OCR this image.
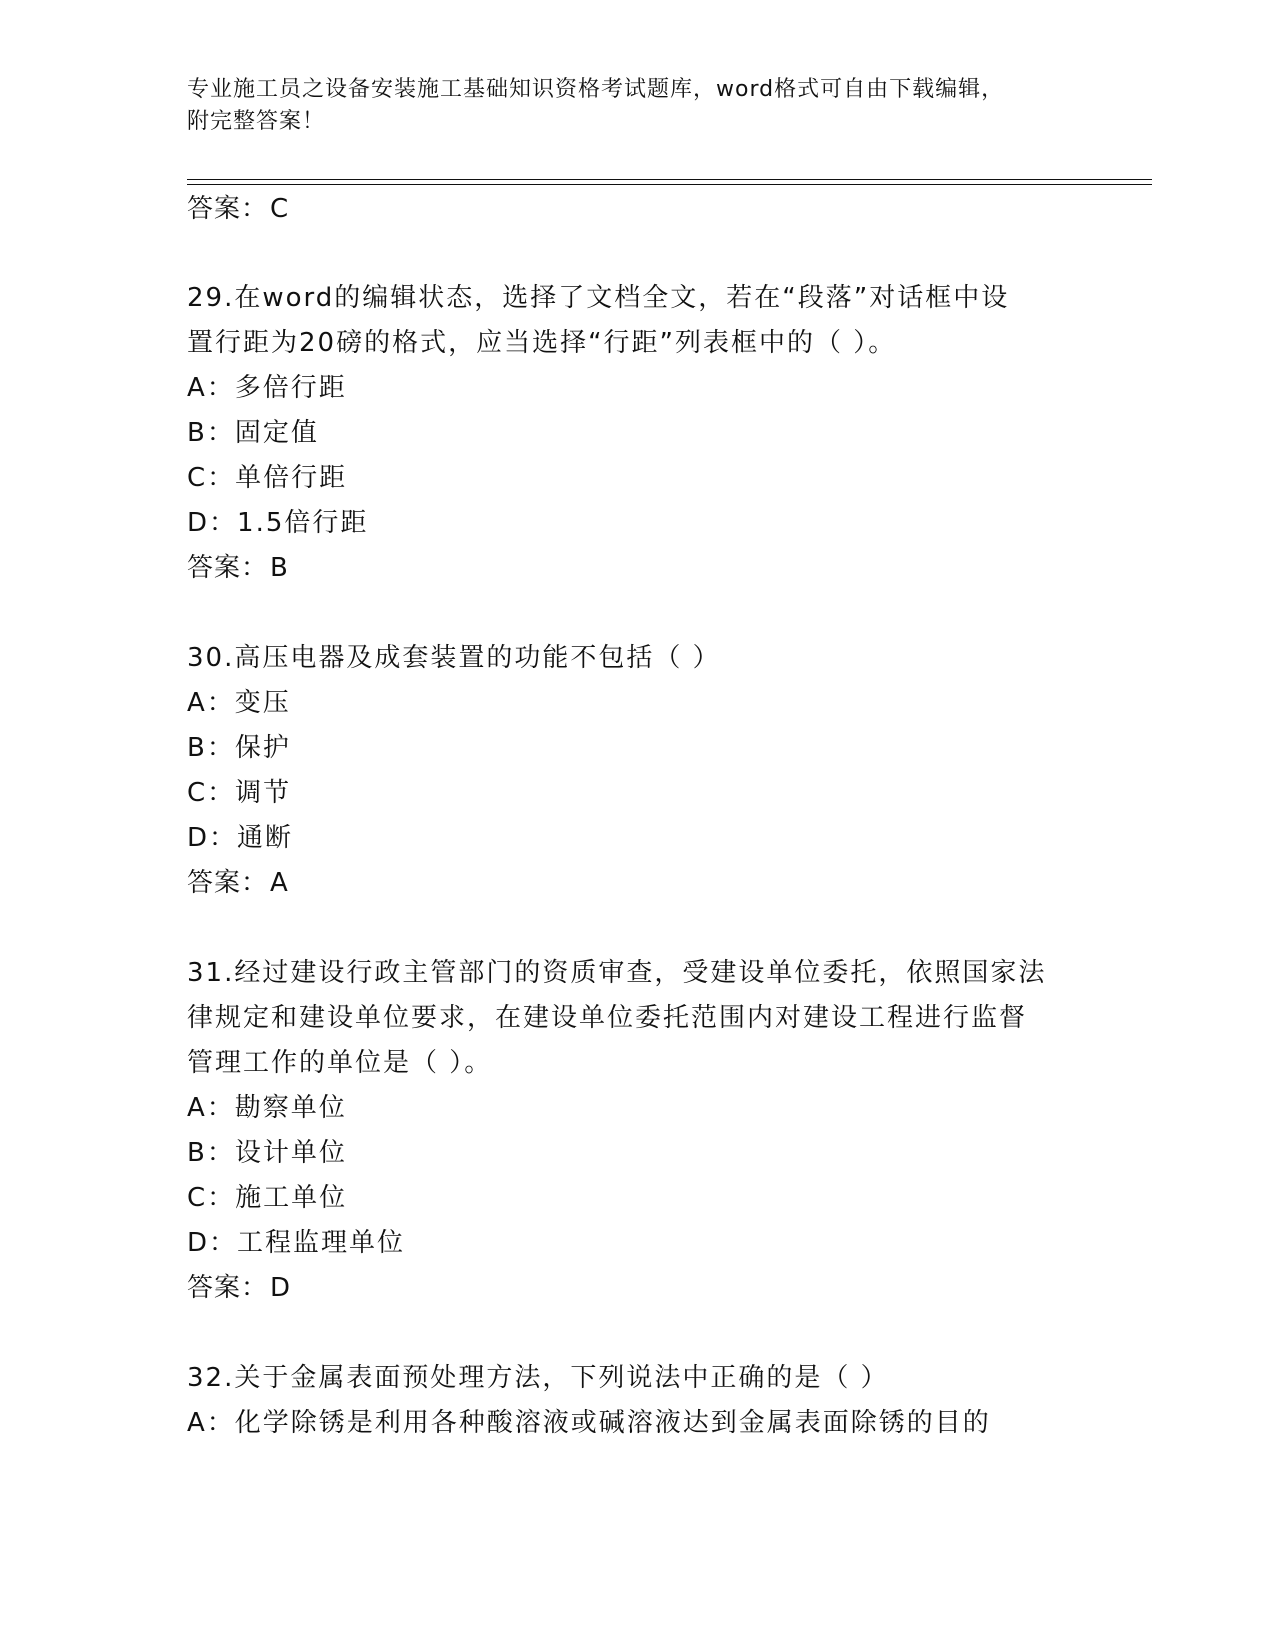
专业施工员之设备安装施工基础知识资格考试题库，word格式可自由下载编辑，
附完整答案！
答案：C
29.在word的编辑状态，选择了文档全文，若在“段落”对话框中设
置行距为20磅的格式，应当选择“行距”列表框中的（ ）。
A：多倍行距
B：固定值
C：单倍行距
D：1.5倍行距
答案：B
30.高压电器及成套装置的功能不包括（ ）
A：变压
B：保护
C：调节
D：通断
答案：A
31.经过建设行政主管部门的资质审查，受建设单位委托，依照国家法
律规定和建设单位要求，在建设单位委托范围内对建设工程进行监督
管理工作的单位是（ ）。
A：勘察单位
B：设计单位
C：施工单位
D：工程监理单位
答案：D
32.关于金属表面预处理方法，下列说法中正确的是（ ）
A：化学除锈是利用各种酸溶液或碱溶液达到金属表面除锈的目的
